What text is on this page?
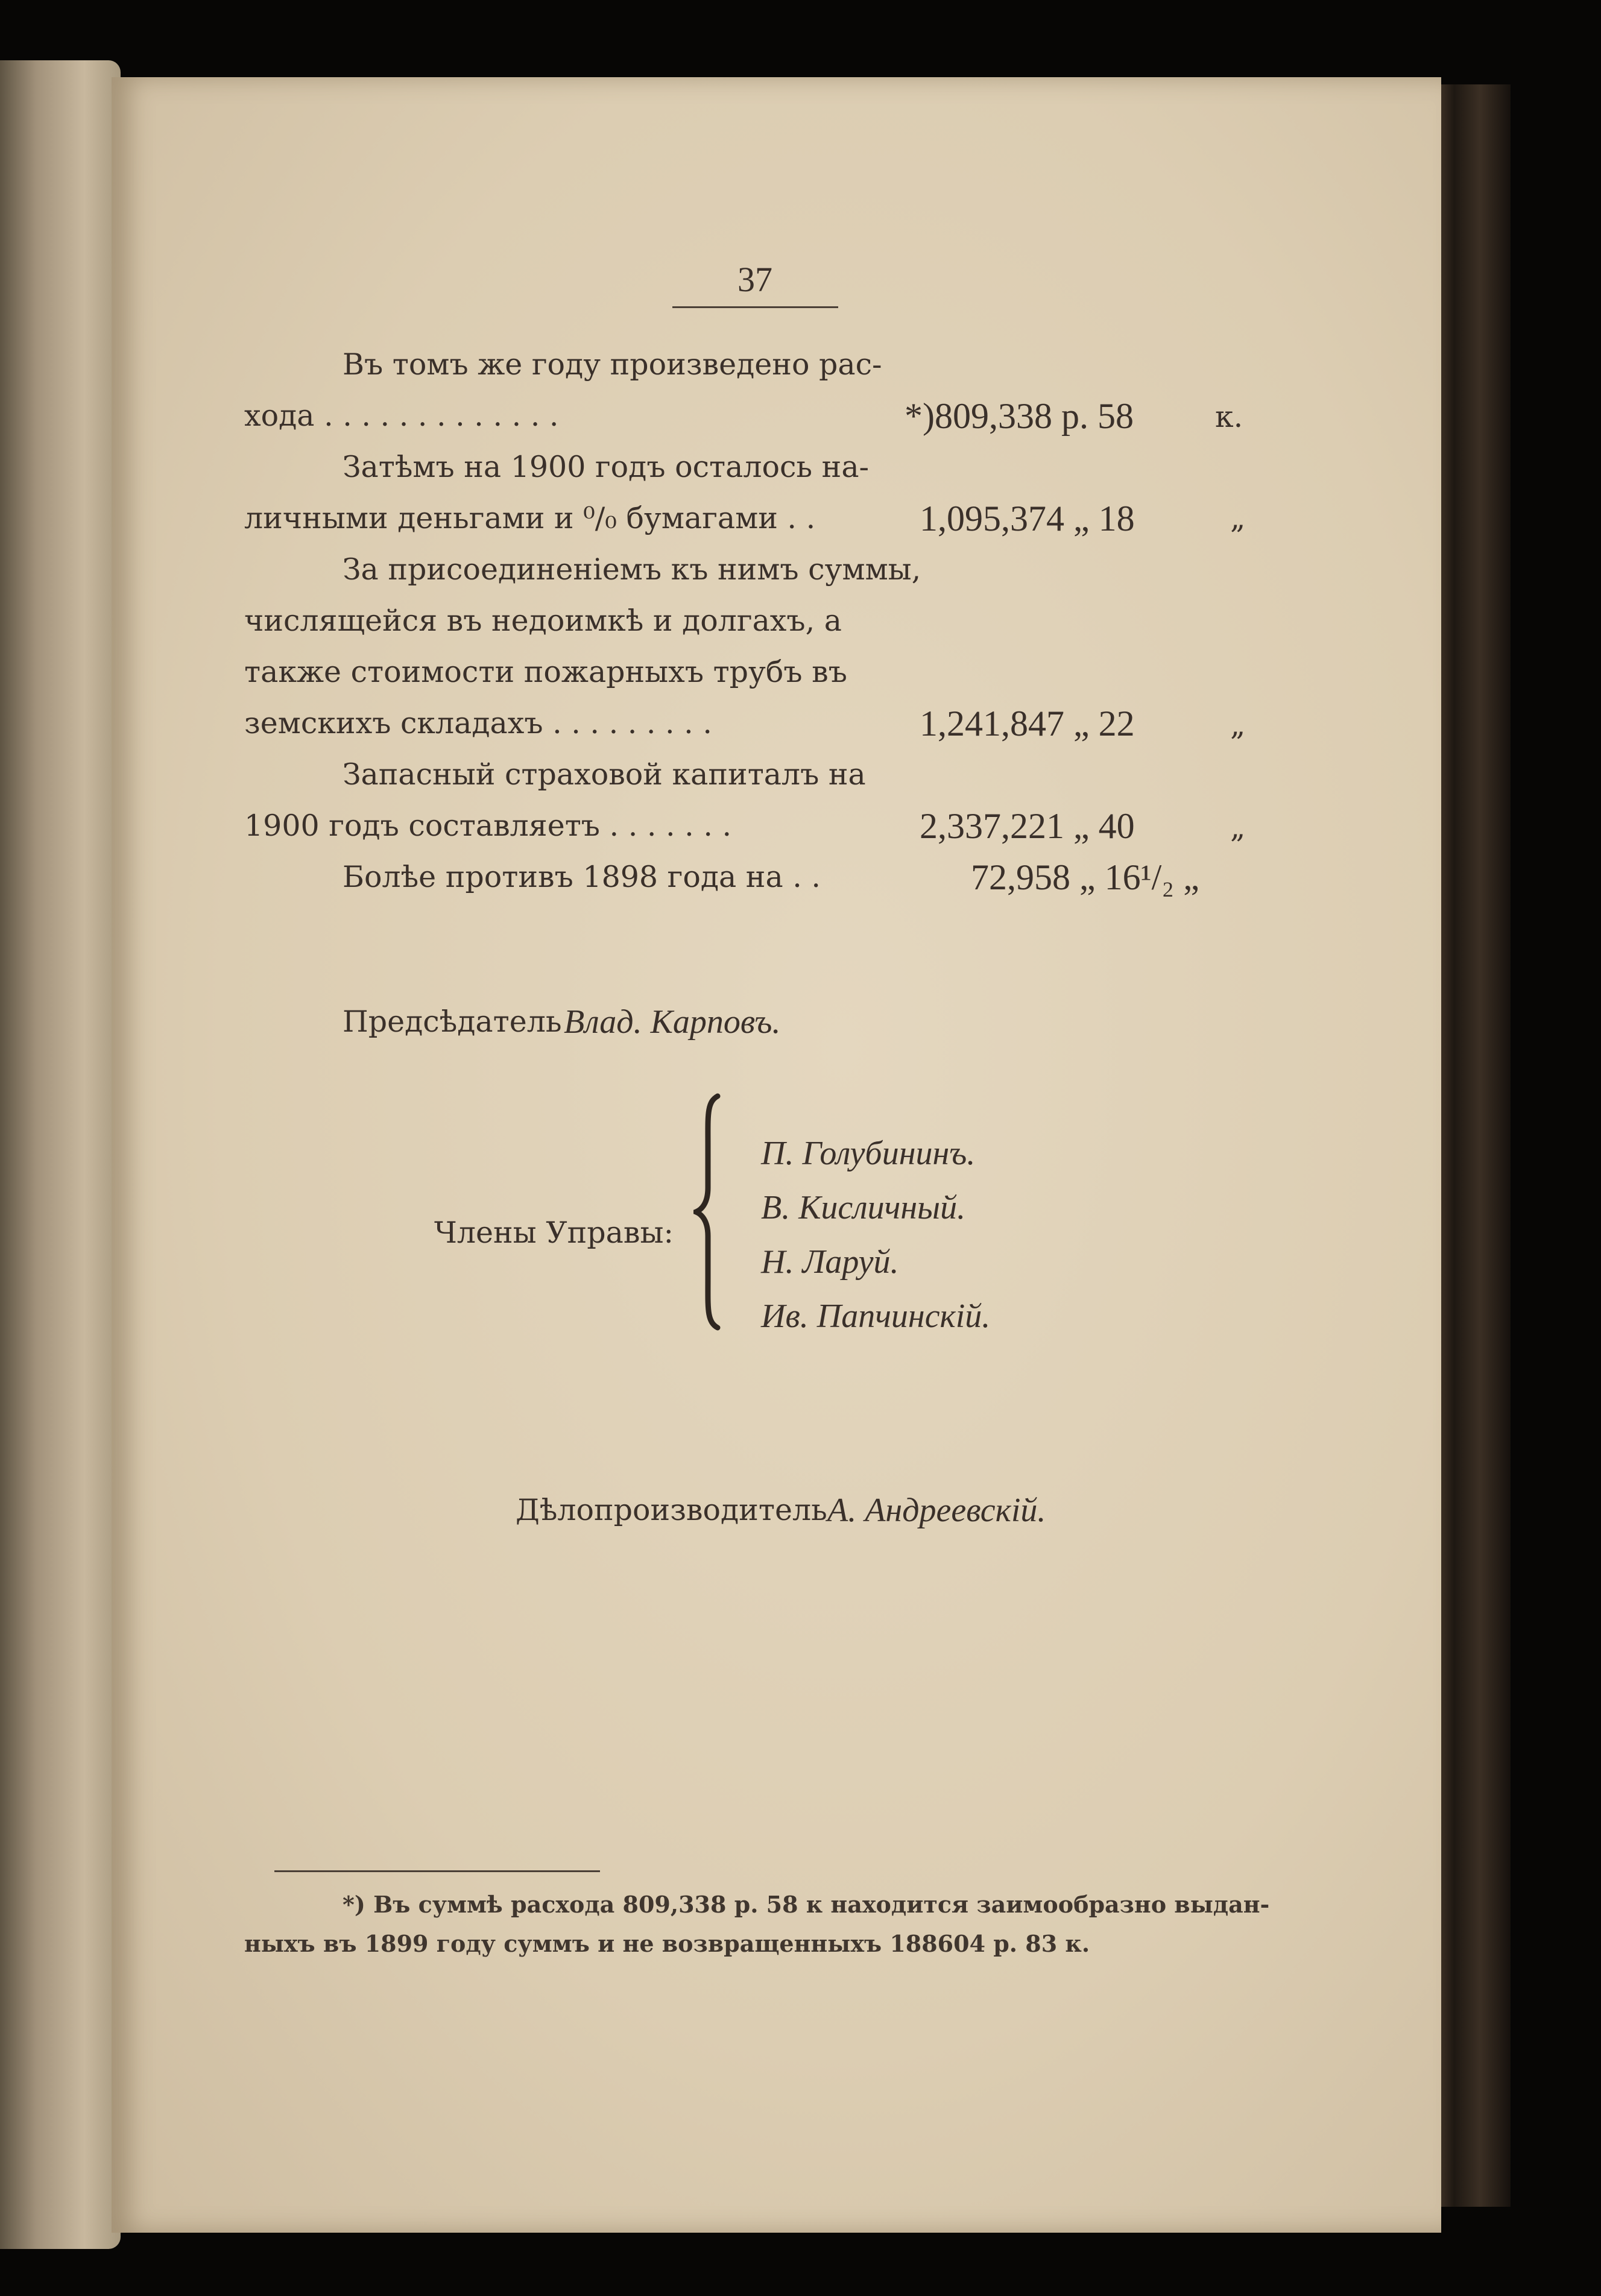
37
Въ томъ же году произведено рас-
хода . . . . . . . . . . . . .	*)809,338 р. 58	к.
Затѣмъ на 1900 годъ осталось на-
личными деньгами и ⁰/₀ бумагами . .	1,095,374 „ 18	„
За присоединеніемъ къ нимъ суммы,
числящейся въ недоимкѣ и долгахъ, а
также стоимости пожарныхъ трубъ въ
земскихъ складахъ . . . . . . . . .	1,241,847 „ 22	„
Запасный страховой капиталъ на
1900 годъ составляетъ . . . . . . .	2,337,221 „ 40	„
Болѣе противъ 1898 года на . .	72,958 „ 16¹/₂ „
Предсѣдатель Влад. Карповъ.
Члены Управы:
П. Голубининъ.
В. Кисличный.
Н. Ларуй.
Ив. Папчинскій.
Дѣлопроизводитель А. Андреевскій.
*) Въ суммѣ расхода 809,338 р. 58 к находится заимообразно выдан-
ныхъ въ 1899 году суммъ и не возвращенныхъ 188604 р. 83 к.
